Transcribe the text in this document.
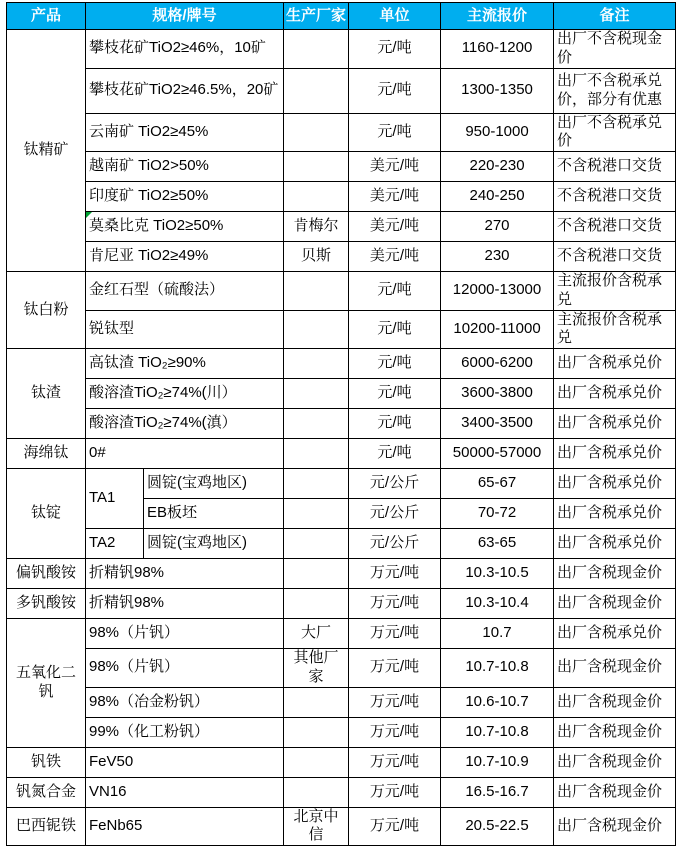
产品	规格/牌号		生产厂家	单位	主流报价	备注
钛精矿	攀枝花矿TiO2≥46%，10矿			元/吨	1160-1200	出厂不含税现金价
	攀枝花矿TiO2≥46.5%，20矿			元/吨	1300-1350	出厂不含税承兑价，部分有优惠
	云南矿 TiO2≥45%			元/吨	950-1000	出厂不含税承兑价
	越南矿 TiO2>50%			美元/吨	220-230	不含税港口交货
	印度矿 TiO2≥50%			美元/吨	240-250	不含税港口交货
	莫桑比克 TiO2≥50%		肯梅尔	美元/吨	270	不含税港口交货
	肯尼亚 TiO2≥49%		贝斯	美元/吨	230	不含税港口交货
钛白粉	金红石型（硫酸法）			元/吨	12000-13000	主流报价含税承兑
	锐钛型			元/吨	10200-11000	主流报价含税承兑
钛渣	高钛渣 TiO₂≥90%			元/吨	6000-6200	出厂含税承兑价
	酸溶渣TiO₂≥74%(川）			元/吨	3600-3800	出厂含税承兑价
	酸溶渣TiO₂≥74%(滇）			元/吨	3400-3500	出厂含税承兑价
海绵钛	0#			元/吨	50000-57000	出厂含税承兑价
钛锭	TA1	圆锭(宝鸡地区)		元/公斤	65-67	出厂含税承兑价
		EB板坯		元/公斤	70-72	出厂含税承兑价
	TA2	圆锭(宝鸡地区)		元/公斤	63-65	出厂含税承兑价
偏钒酸铵	折精钒98%			万元/吨	10.3-10.5	出厂含税现金价
多钒酸铵	折精钒98%			万元/吨	10.3-10.4	出厂含税现金价
五氧化二钒	98%（片钒）		大厂	万元/吨	10.7	出厂含税承兑价
	98%（片钒）		其他厂家	万元/吨	10.7-10.8	出厂含税现金价
	98%（冶金粉钒）			万元/吨	10.6-10.7	出厂含税现金价
	99%（化工粉钒）			万元/吨	10.7-10.8	出厂含税现金价
钒铁	FeV50			万元/吨	10.7-10.9	出厂含税现金价
钒氮合金	VN16			万元/吨	16.5-16.7	出厂含税现金价
巴西铌铁	FeNb65		北京中信	万元/吨	20.5-22.5	出厂含税现金价
